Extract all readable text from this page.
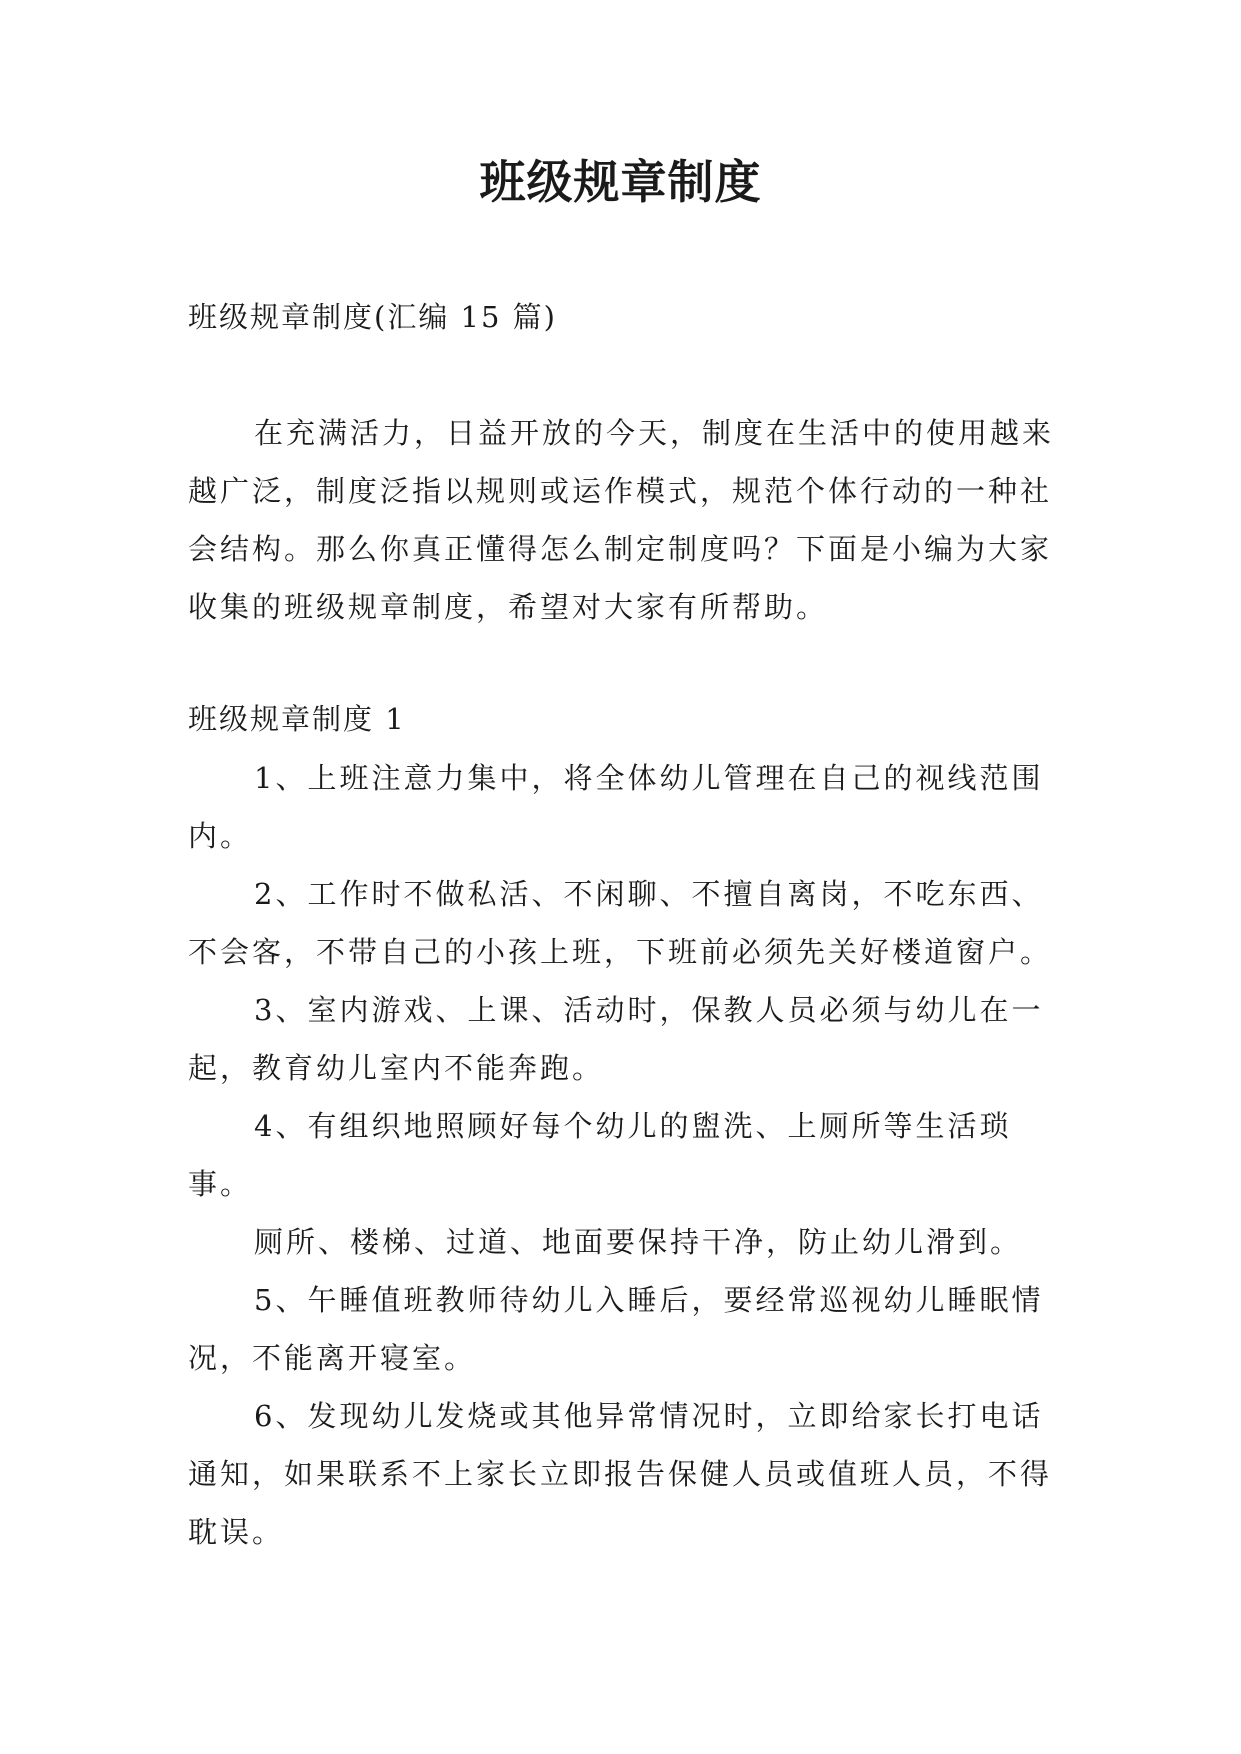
班级规章制度
班级规章制度(汇编 15 篇)
在充满活力，日益开放的今天，制度在生活中的使用越来越广泛，制度泛指以规则或运作模式，规范个体行动的一种社会结构。那么你真正懂得怎么制定制度吗？下面是小编为大家收集的班级规章制度，希望对大家有所帮助。
班级规章制度 1

1、上班注意力集中，将全体幼儿管理在自己的视线范围内。

2、工作时不做私活、不闲聊、不擅自离岗，不吃东西、不会客，不带自己的小孩上班，下班前必须先关好楼道窗户。

3、室内游戏、上课、活动时，保教人员必须与幼儿在一起，教育幼儿室内不能奔跑。

4、有组织地照顾好每个幼儿的盥洗、上厕所等生活琐事。

厕所、楼梯、过道、地面要保持干净，防止幼儿滑到。

5、午睡值班教师待幼儿入睡后，要经常巡视幼儿睡眠情况，不能离开寝室。

6、发现幼儿发烧或其他异常情况时，立即给家长打电话通知，如果联系不上家长立即报告保健人员或值班人员，不得耽误。
